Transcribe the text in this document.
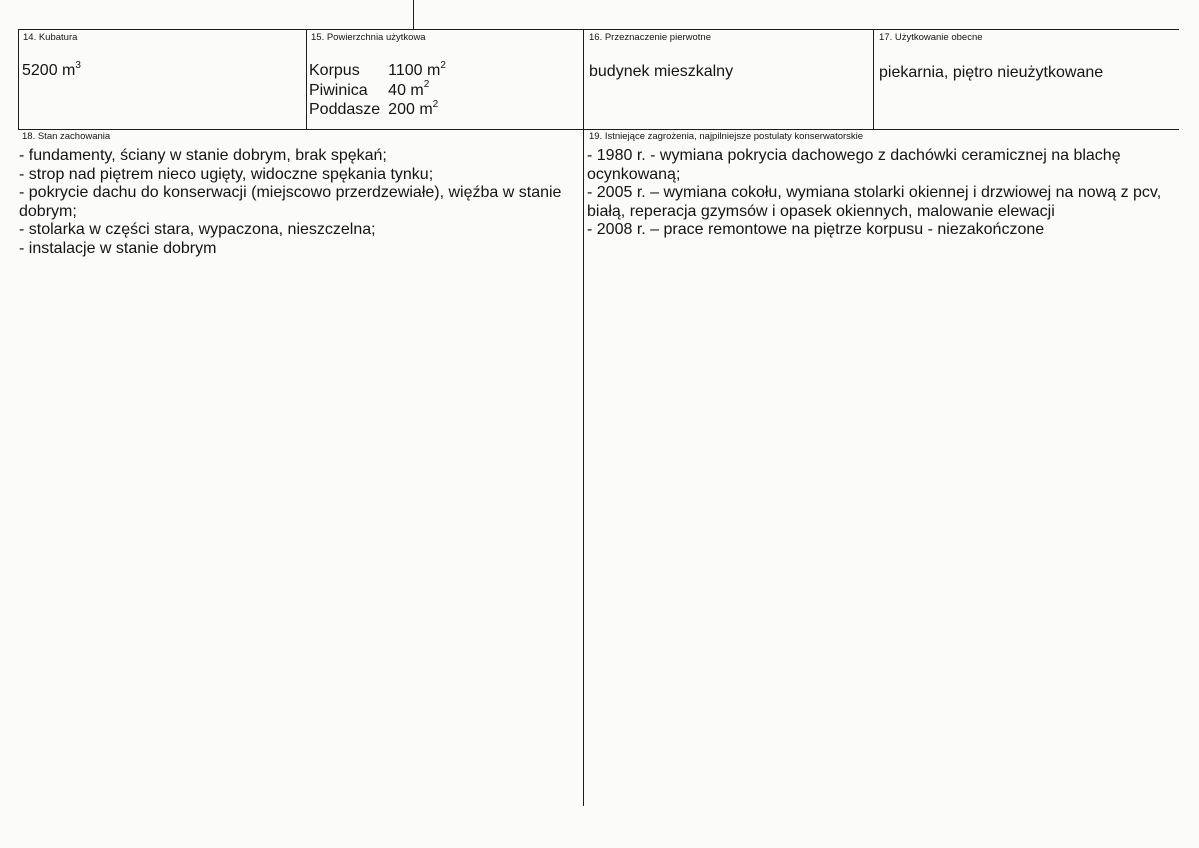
14. Kubatura
5200 $m^3$
15. Powierzchnia użytkowa
Korpus	1100 $m^2$
Piwinica	40 $m^2$
Poddasze	200 $m^2$
16. Przeznaczenie pierwotne
budynek mieszkalny
17. Użytkowanie obecne
piekarnia, piętro nieużytkowane
18. Stan zachowania
- fundamenty, ściany w stanie dobrym, brak spękań;
- strop nad piętrem nieco ugięty, widoczne spękania tynku;
- pokrycie dachu do konserwacji (miejscowo przerdzewiałe), więźba w stanie dobrym;
- stolarka w części stara, wypaczona, nieszczelna;
- instalacje w stanie dobrym
19. Istniejące zagrożenia, najpilniejsze postulaty konserwatorskie
- 1980 r. - wymiana pokrycia dachowego z dachówki ceramicznej na blachę ocynkowaną;
- 2005 r. – wymiana cokołu, wymiana stolarki okiennej i drzwiowej na nową z pcv, białą, reperacja gzymsów i opasek okiennych, malowanie elewacji
- 2008 r. – prace remontowe na piętrze korpusu - niezakończone
